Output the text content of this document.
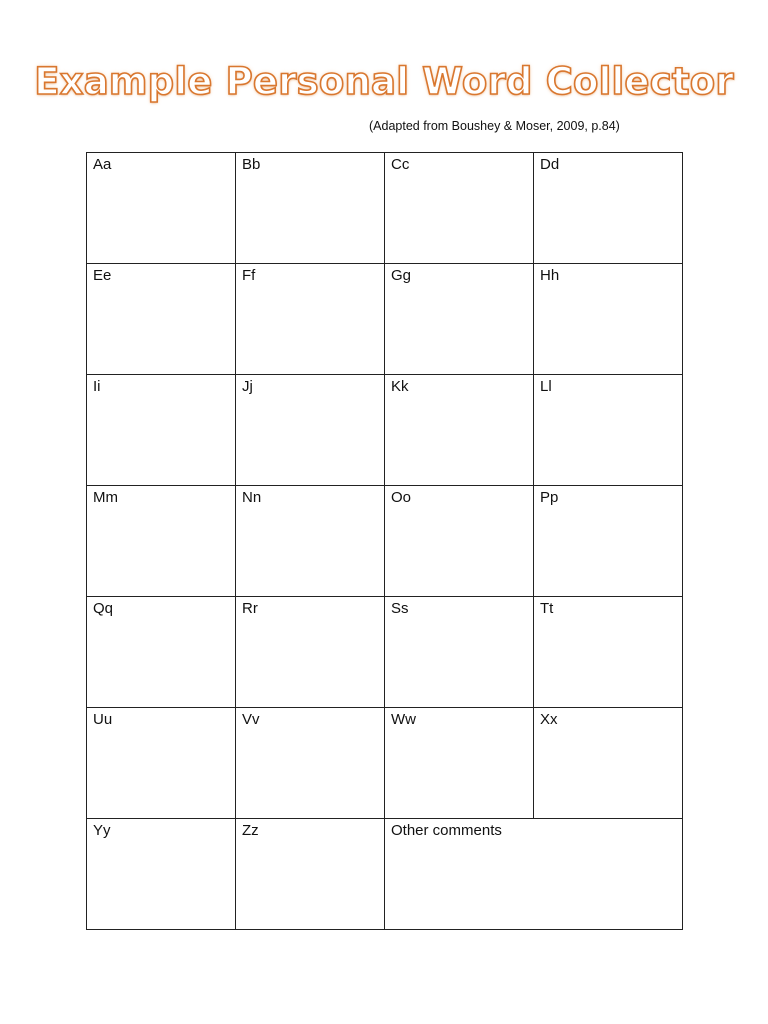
Example Personal Word Collector
(Adapted from Boushey & Moser, 2009, p.84)
Aa	Bb	Cc	Dd

Ee	Ff	Gg	Hh

Ii	Jj	Kk	Ll

Mm	Nn	Oo	Pp

Qq	Rr	Ss	Tt

Uu	Vv	Ww	Xx

Yy	Zz	Other comments	
